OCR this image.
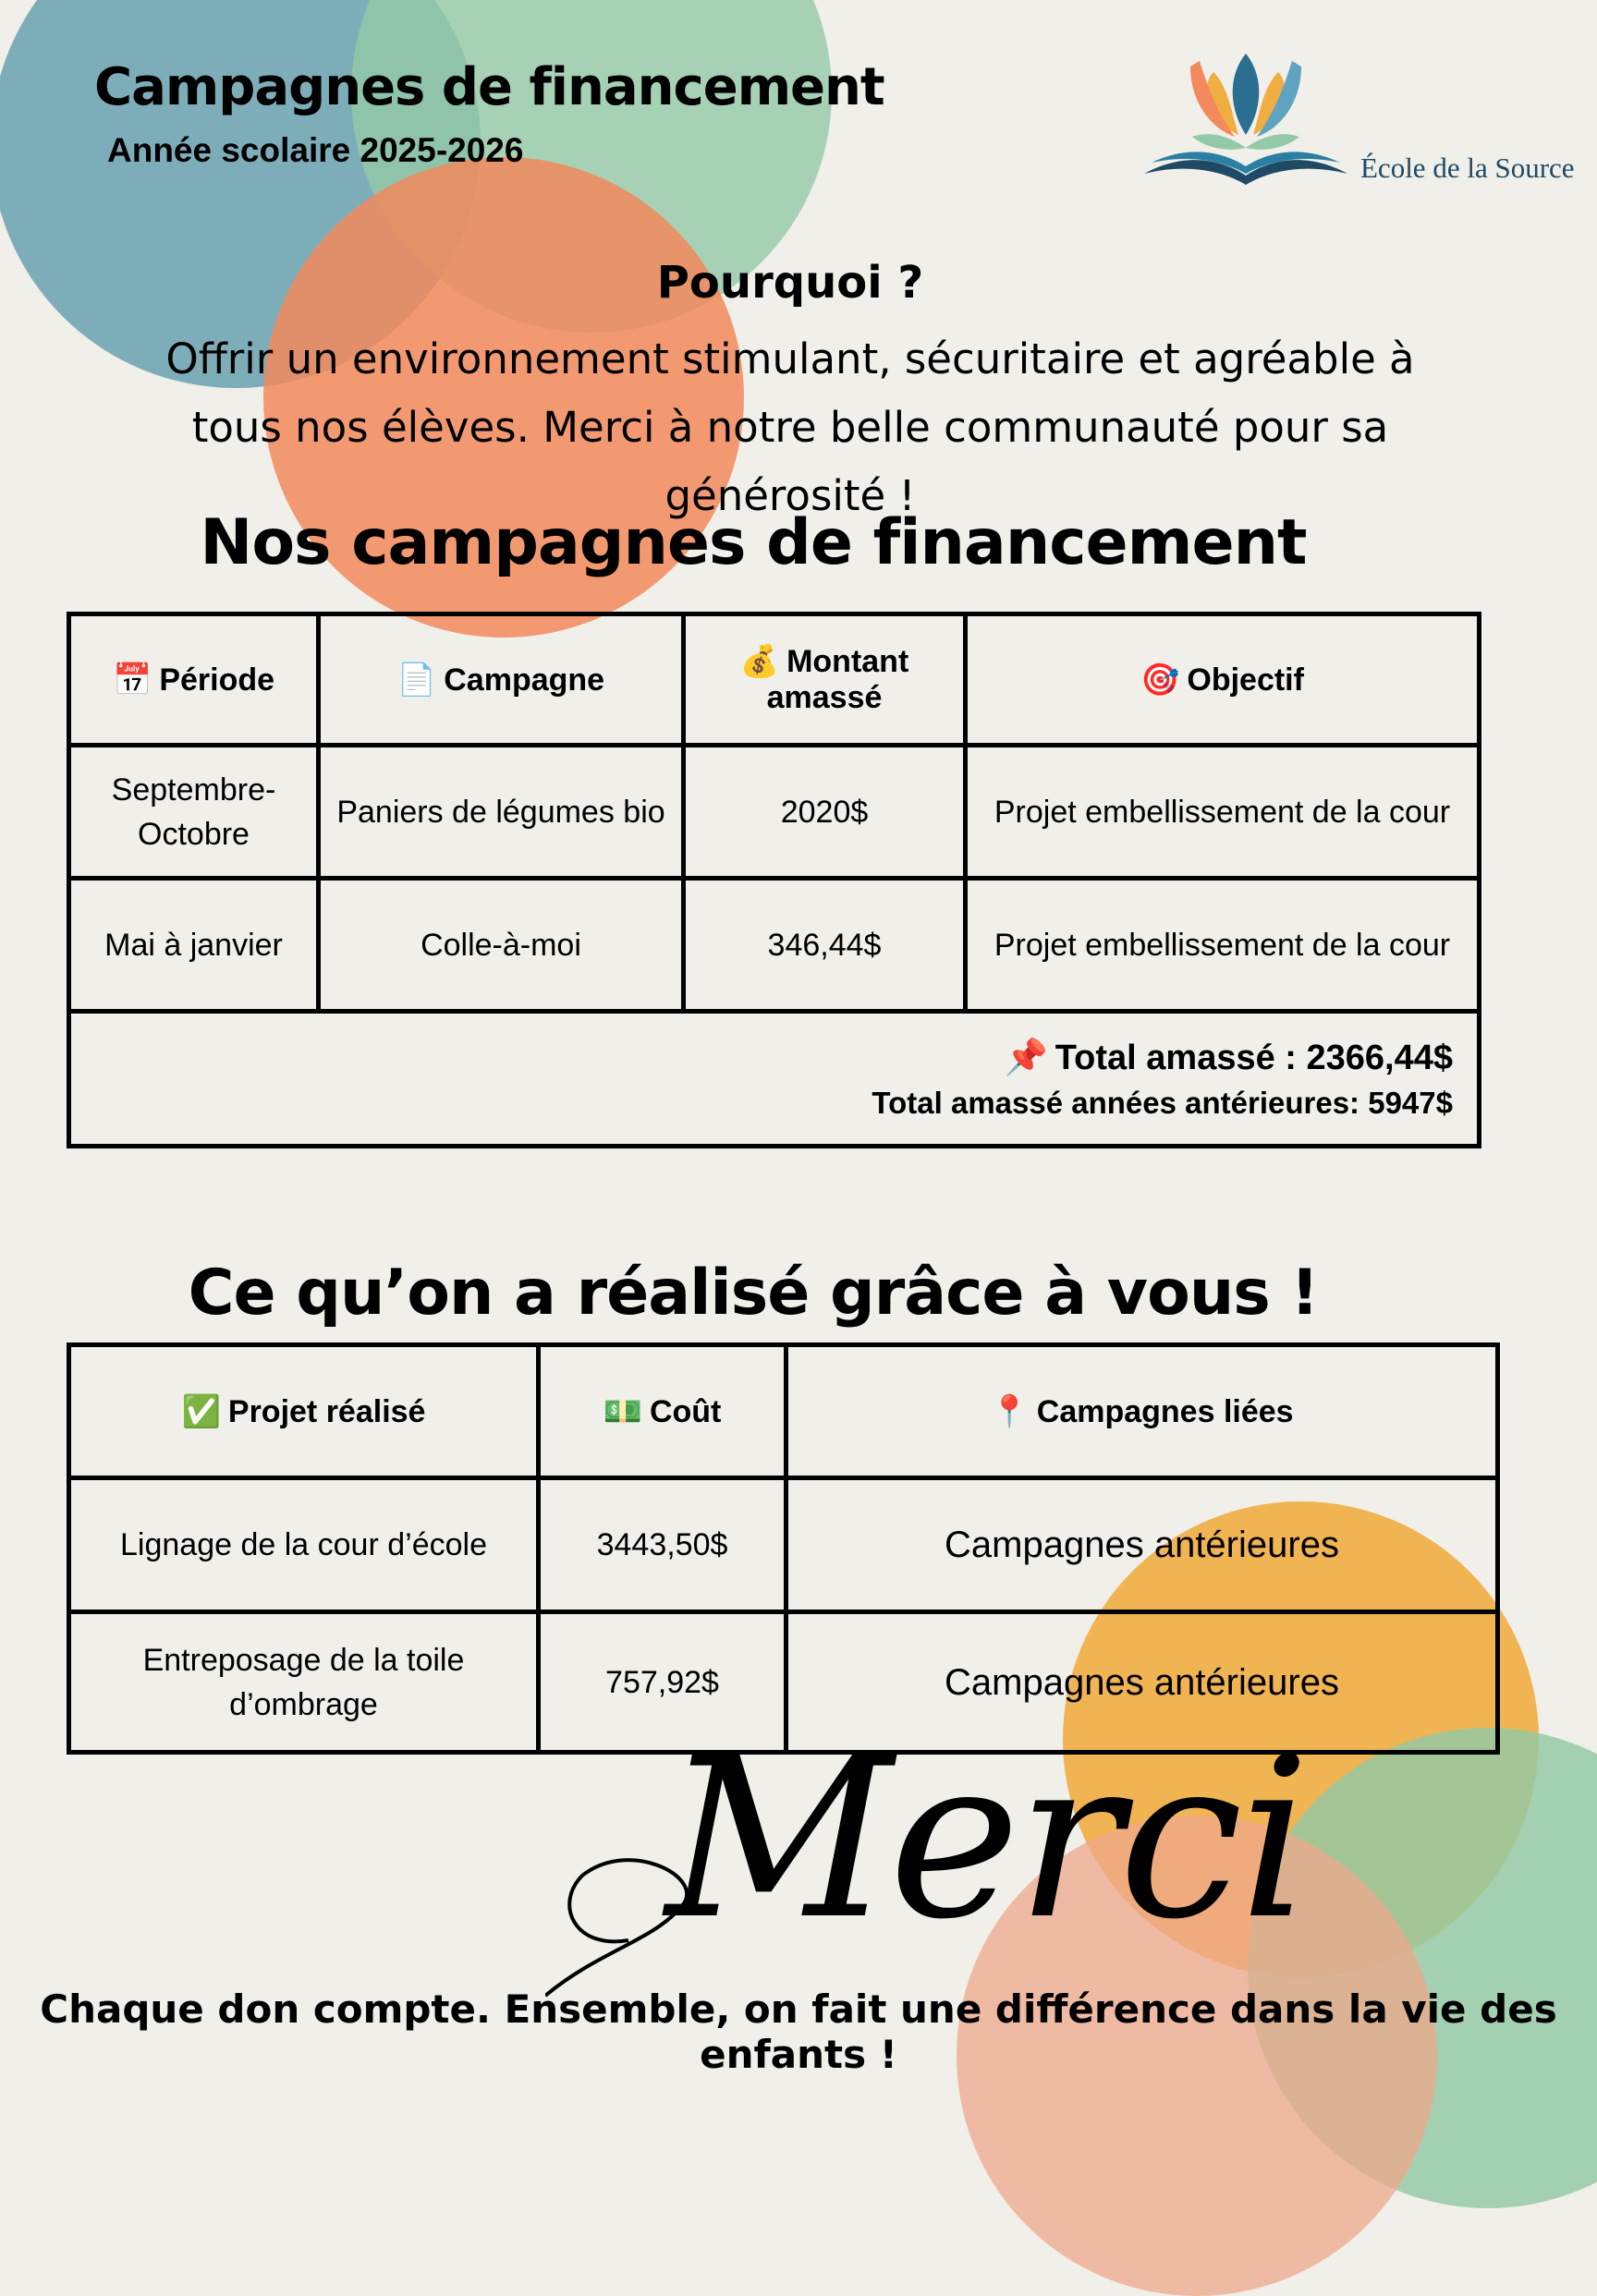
Campagnes de financement
Année scolaire 2025-2026	École de la Source
Pourquoi ?
Offrir un environnement stimulant, sécuritaire et agréable à tous nos élèves. Merci à notre belle communauté pour sa générosité !
Nos campagnes de financement
📅 Période	📄 Campagne	💰 Montant amassé	🎯 Objectif
Septembre-Octobre	Paniers de légumes bio	2020$	Projet embellissement de la cour
Mai à janvier	Colle-à-moi	346,44$	Projet embellissement de la cour

📌 Total amassé : 2366,44$
Total amassé années antérieures: 5947$			
Ce qu’on a réalisé grâce à vous !
✅ Projet réalisé	💵 Coût	📍 Campagnes liées
Lignage de la cour d’école	3443,50$	Campagnes antérieures
Entreposage de la toile d’ombrage	757,92$	Campagnes antérieures
Merci
Chaque don compte. Ensemble, on fait une différence dans la vie des enfants !
